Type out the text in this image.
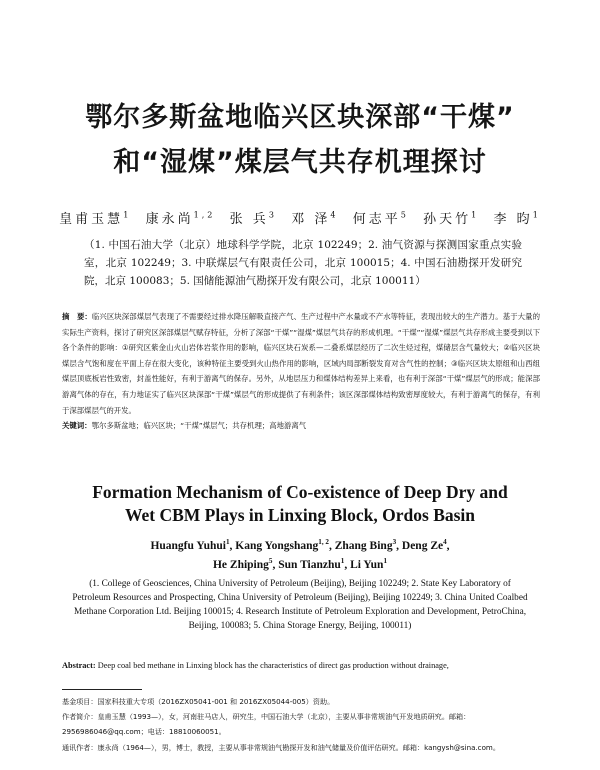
鄂尔多斯盆地临兴区块深部“干煤”
和“湿煤”煤层气共存机理探讨
皇甫玉慧$^1$ 康永尚$^{1,2}$ 张 兵$^3$ 邓 泽$^4$ 何志平$^5$ 孙天竹$^1$ 李 昀$^1$
（1. 中国石油大学（北京）地球科学学院，北京 102249；2. 油气资源与探测国家重点实验室，北京 102249；3. 中联煤层气有限责任公司，北京 100015；4. 中国石油勘探开发研究院，北京 100083；5. 国储能源油气勘探开发有限公司，北京 100011）
摘　要：临兴区块深部煤层气表现了不需要经过排水降压解吸直接产气、生产过程中产水量或不产水等特征，表现出较大的生产潜力。基于大量的实际生产资料，探讨了研究区深部煤层气赋存特征，分析了深部“干煤”“湿煤”煤层气共存的形成机理。“干煤”“湿煤”煤层气共存形成主要受到以下各个条件的影响：①研究区紫金山火山岩体岩浆作用的影响，临兴区块石炭系—二叠系煤层经历了二次生烃过程，煤储层含气量较大；②临兴区块煤层含气饱和度在平面上存在很大变化，该种特征主要受到火山热作用的影响，区域内局部断裂发育对含气性的控制；③临兴区块太原组和山西组煤层顶底板岩性致密，封盖性能好，有利于游离气的保存。另外，从地层压力和煤体结构差异上来看，也有利于深部“干煤”煤层气的形成；能深部游离气体的存在，有力地证实了临兴区块深部“干煤”煤层气的形成提供了有利条件；该区深部煤体结构致密厚度较大，有利于游离气的保存，有利于深部煤层气的开发。
关键词：鄂尔多斯盆地；临兴区块；“干煤”煤层气；共存机理；高地游离气
Formation Mechanism of Co-existence of Deep Dry and
Wet CBM Plays in Linxing Block, Ordos Basin
Huangfu Yuhui$^1$, Kang Yongshang$^{1, 2}$, Zhang Bing$^3$, Deng Ze$^4$,
He Zhiping$^5$, Sun Tianzhu$^1$, Li Yun$^1$
(1. College of Geosciences, China University of Petroleum (Beijing), Beijing 102249; 2. State Key Laboratory of Petroleum Resources and Prospecting, China University of Petroleum (Beijing), Beijing 102249; 3. China United Coalbed Methane Corporation Ltd. Beijing 100015; 4. Research Institute of Petroleum Exploration and Development, PetroChina, Beijing, 100083; 5. China Storage Energy, Beijing, 100011)
Abstract: Deep coal bed methane in Linxing block has the characteristics of direct gas production without drainage,
基金项目：国家科技重大专项（2016ZX05041-001 和 2016ZX05044-005）资助。
作者简介：皇甫玉慧（1993—），女，河南驻马店人，研究生，中国石油大学（北京），主要从事非常规油气开发地质研究。邮箱：2956986046@qq.com；电话：18810060051。
通讯作者：康永尚（1964—），男，博士，教授，主要从事非常规油气勘探开发和油气储量及价值评估研究。邮箱：kangysh@sina.com。
